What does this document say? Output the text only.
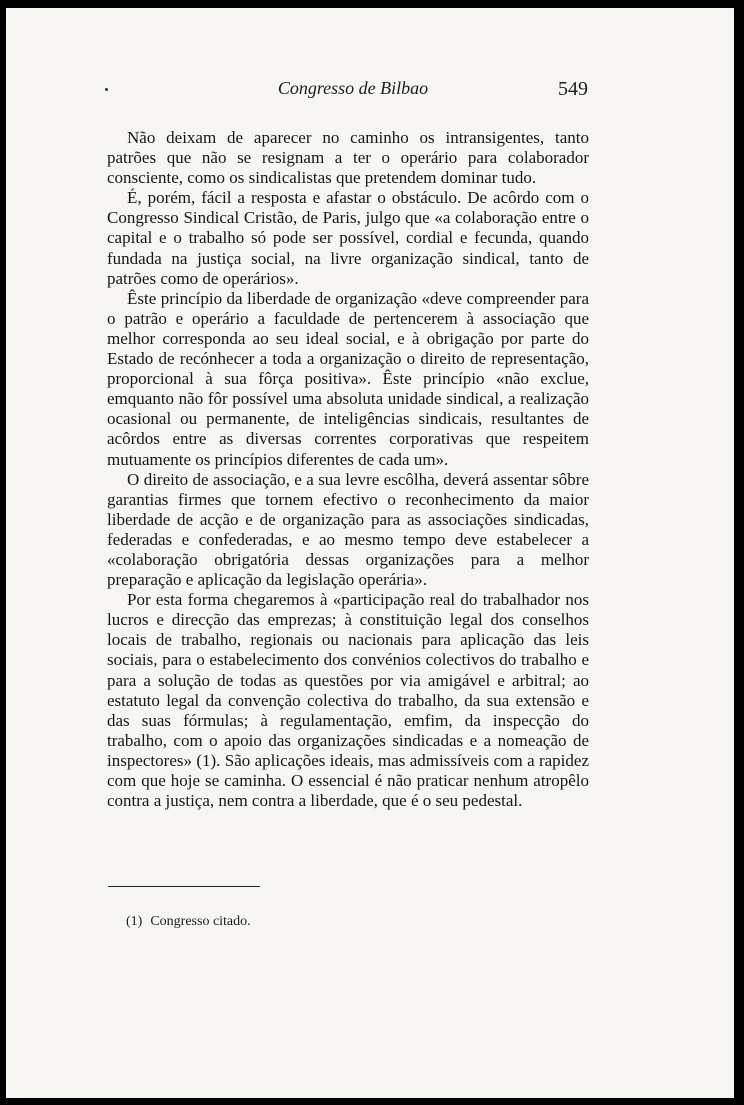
Congresso de Bilbao	549

Não deixam de aparecer no caminho os intransigentes, tanto patrões que não se resignam a ter o operário para colaborador consciente, como os sindicalistas que pretendem dominar tudo.

É, porém, fácil a resposta e afastar o obstáculo. De acôrdo com o Congresso Sindical Cristão, de Paris, julgo que «a colaboração entre o capital e o trabalho só pode ser possível, cordial e fecunda, quando fundada na justiça social, na livre organização sindical, tanto de patrões como de operários».

Êste princípio da liberdade de organização «deve compreender para o patrão e operário a faculdade de pertencerem à associação que melhor corresponda ao seu ideal social, e à obrigação por parte do Estado de recónhecer a toda a organização o direito de representação, proporcional à sua fôrça positiva». Êste princípio «não exclue, emquanto não fôr possível uma absoluta unidade sindical, a realização ocasional ou permanente, de inteligências sindicais, resultantes de acôrdos entre as diversas correntes corporativas que respeitem mutuamente os princípios diferentes de cada um».

O direito de associação, e a sua levre escôlha, deverá assentar sôbre garantias firmes que tornem efectivo o reconhecimento da maior liberdade de acção e de organização para as associações sindicadas, federadas e confederadas, e ao mesmo tempo deve estabelecer a «colaboração obrigatória dessas organizações para a melhor preparação e aplicação da legislação operária».

Por esta forma chegaremos à «participação real do trabalhador nos lucros e direcção das emprezas; à constituição legal dos conselhos locais de trabalho, regionais ou nacionais para aplicação das leis sociais, para o estabelecimento dos convénios colectivos do trabalho e para a solução de todas as questões por via amigável e arbitral; ao estatuto legal da convenção colectiva do trabalho, da sua extensão e das suas fórmulas; à regulamentação, emfim, da inspecção do trabalho, com o apoio das organizações sindicadas e a nomeação de inspectores» (1). São aplicações ideais, mas admissíveis com a rapidez com que hoje se caminha. O essencial é não praticar nenhum atropêlo contra a justiça, nem contra a liberdade, que é o seu pedestal.

(1) Congresso citado.
